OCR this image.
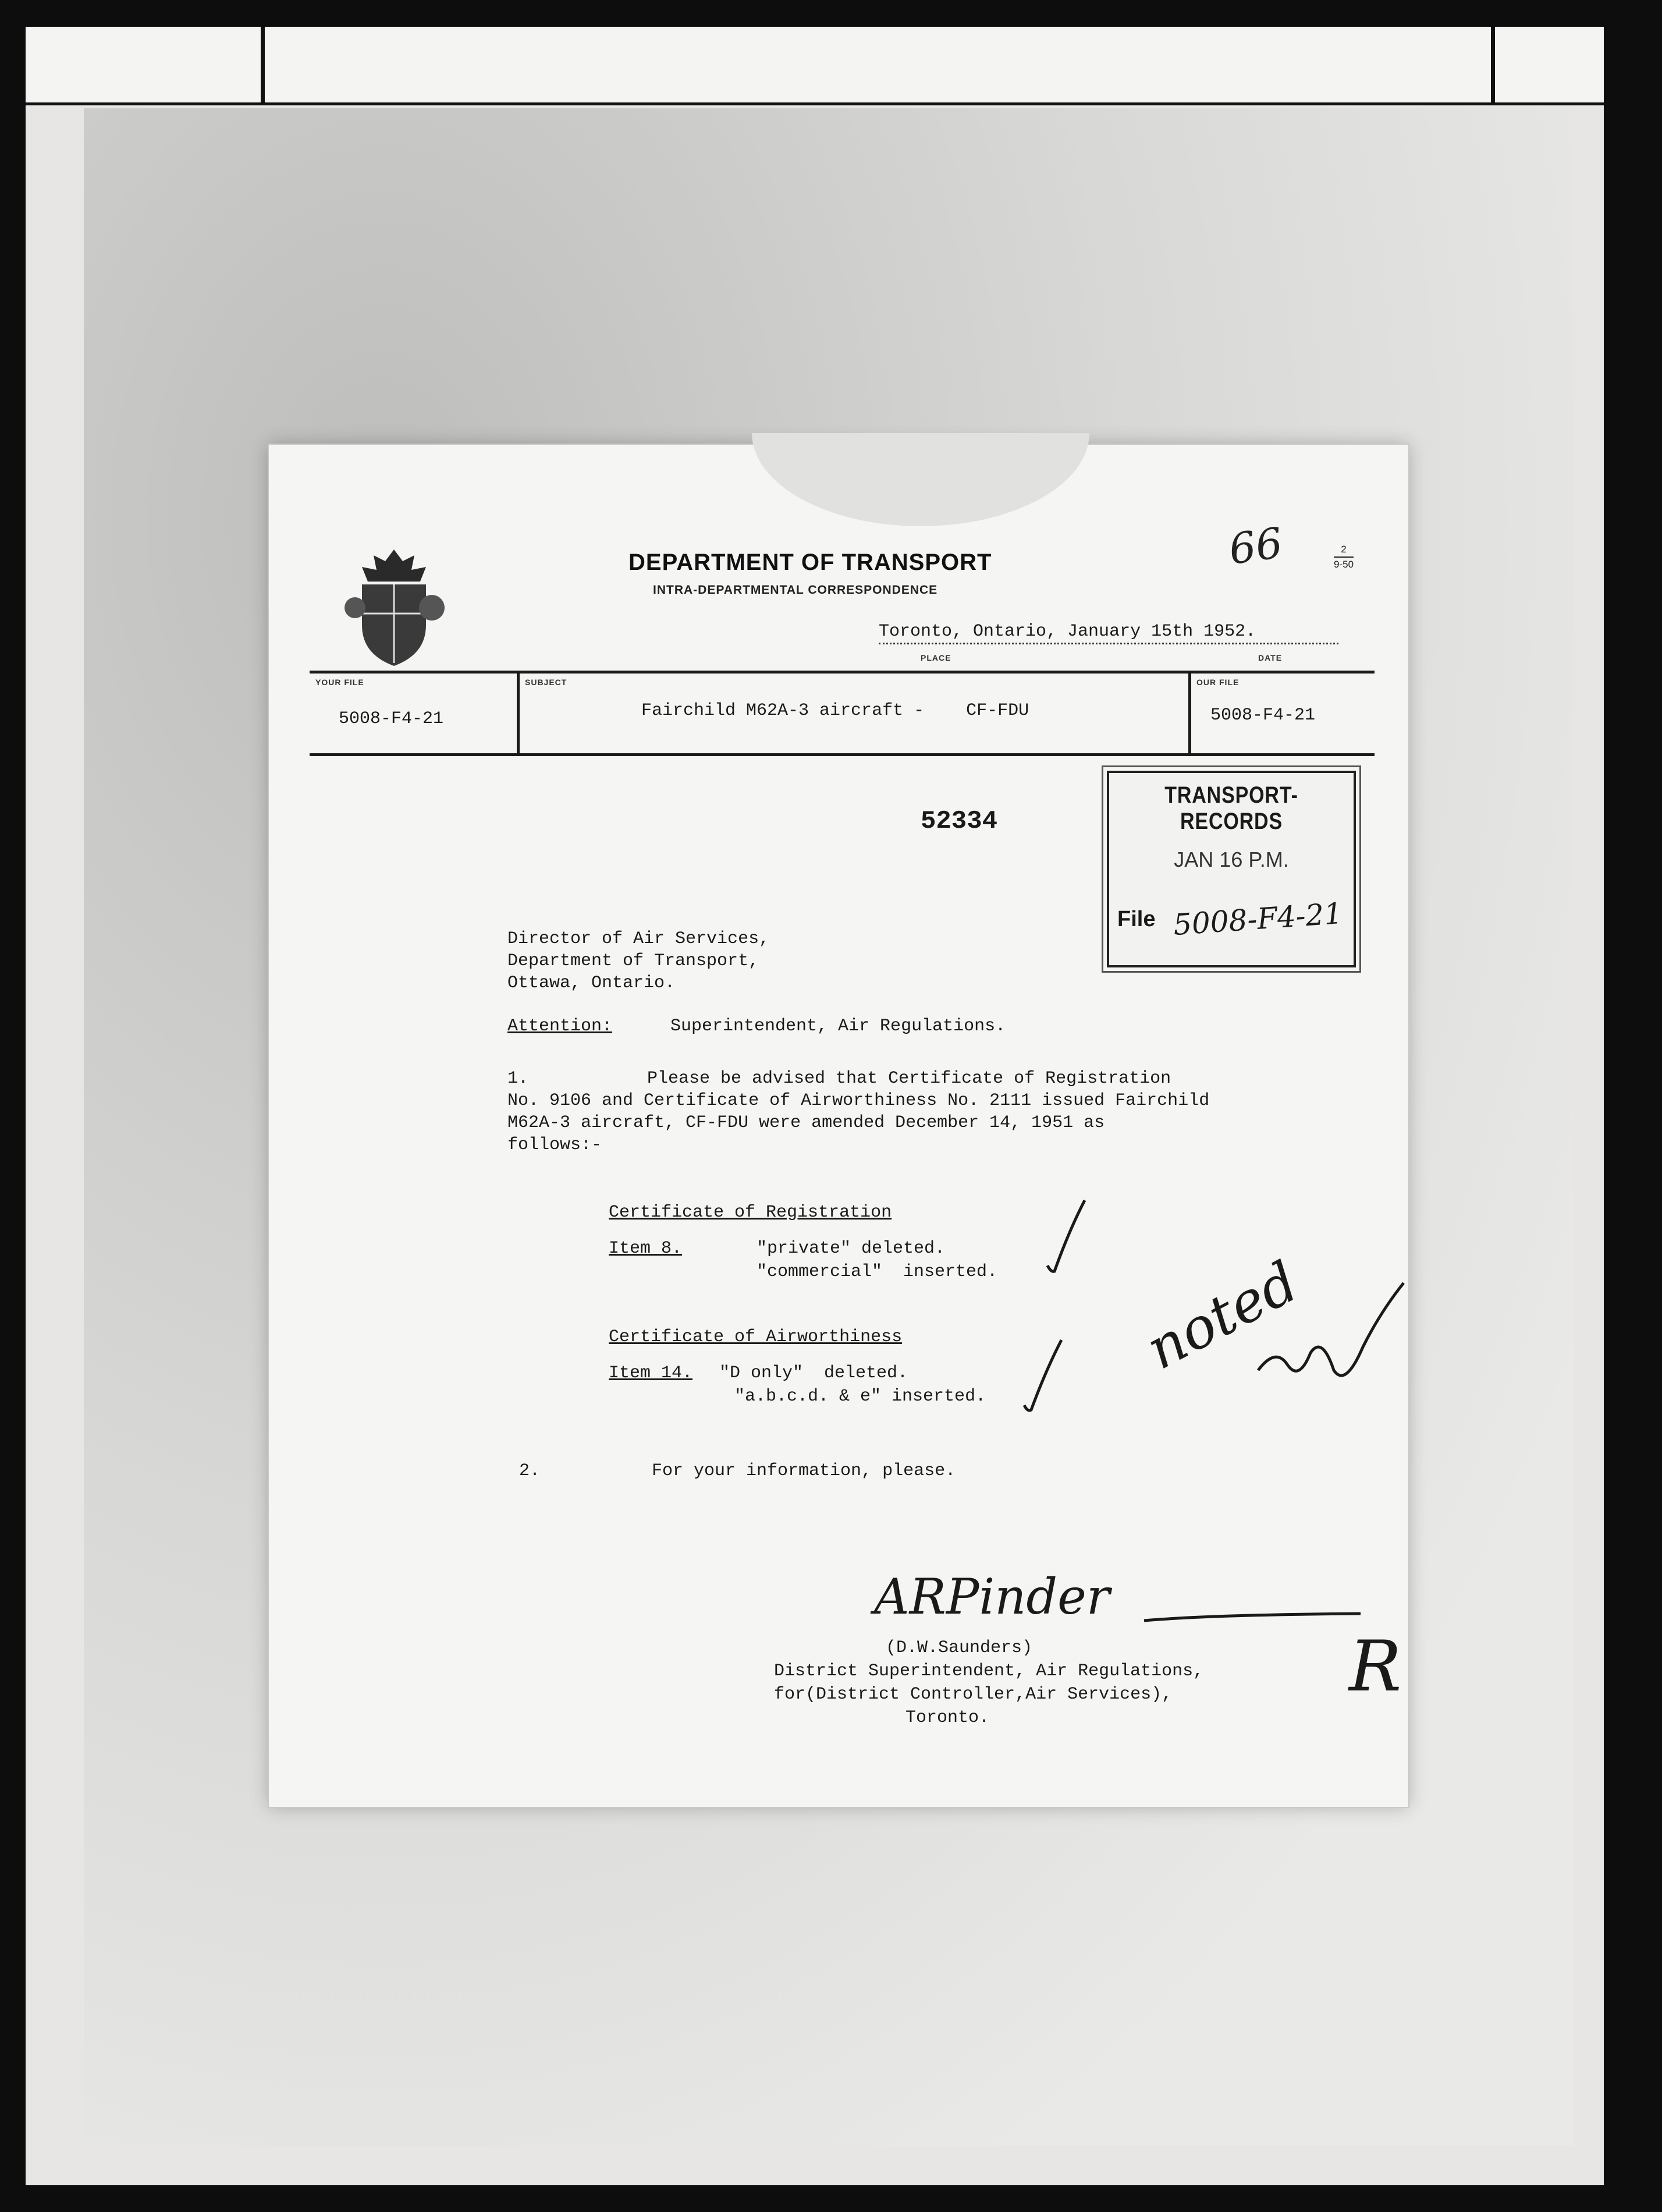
DEPARTMENT OF TRANSPORT
INTRA-DEPARTMENTAL CORRESPONDENCE
66	2
9-50
Toronto, Ontario, January 15th 1952.
PLACE	DATE
YOUR FILE	SUBJECT	OUR FILE
5008-F4-21	Fairchild M62A-3 aircraft -    CF-FDU	5008-F4-21
52334
TRANSPORT-RECORDS
JAN 16 P.M.
File 5008-F4-21
Director of Air Services,
Department of Transport,
Ottawa, Ontario.
Attention:	Superintendent, Air Regulations.
1.	Please be advised that Certificate of Registration
No. 9106 and Certificate of Airworthiness No. 2111 issued Fairchild
M62A-3 aircraft, CF-FDU were amended December 14, 1951 as
follows:-
Certificate of Registration
Item 8.	"private" deleted.
"commercial"  inserted.
Certificate of Airworthiness
Item 14. "D only"  deleted.
"a.b.c.d. & e" inserted.
noted
2.	For your information, please.
ARPinder
(D.W.Saunders)
District Superintendent, Air Regulations,
for(District Controller,Air Services),
Toronto.
R
